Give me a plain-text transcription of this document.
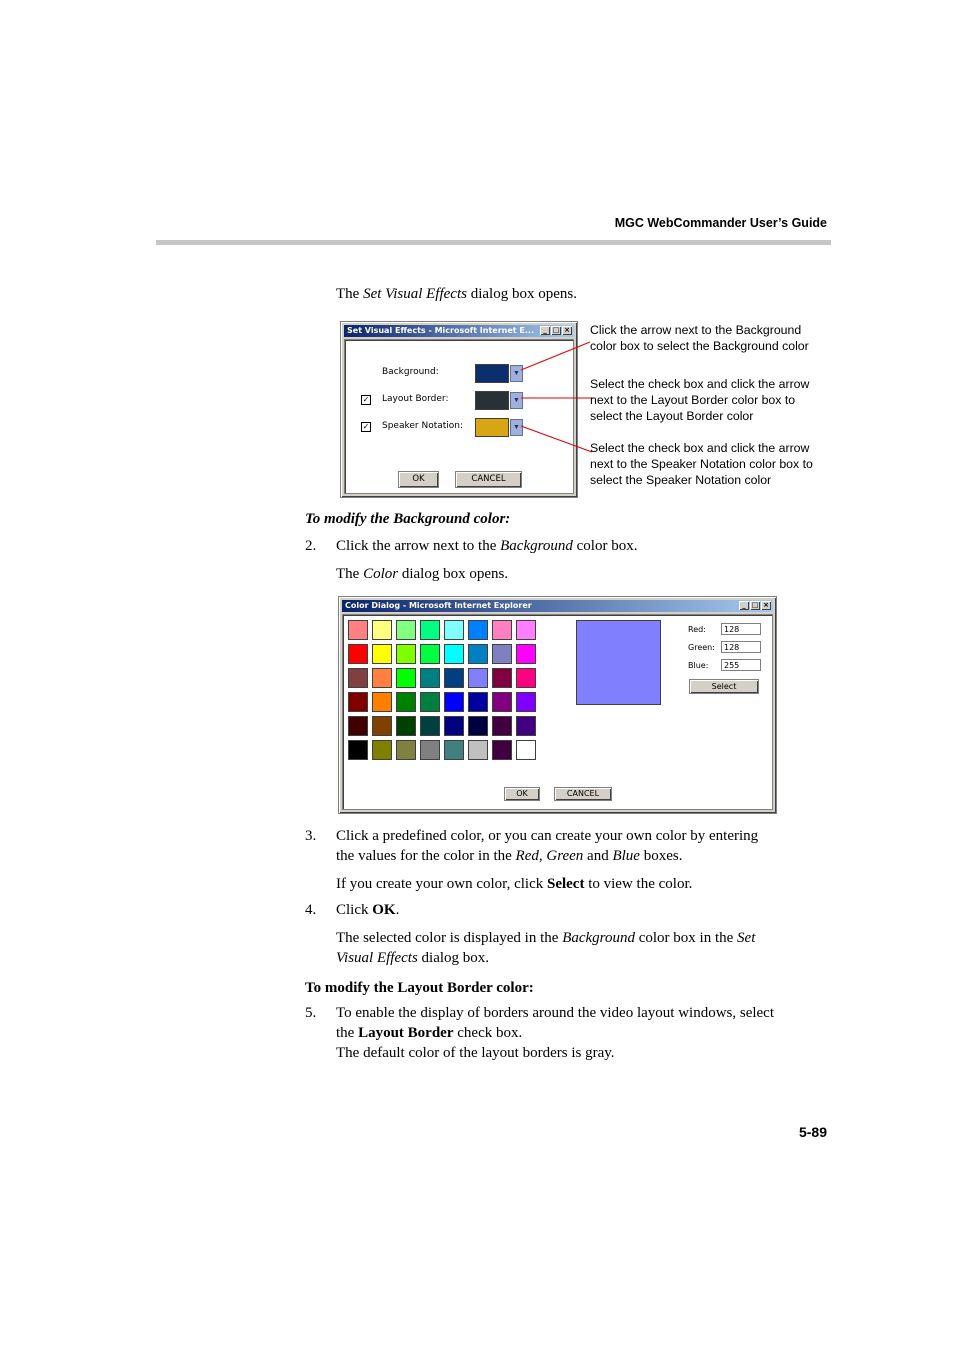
MGC WebCommander User’s Guide
The Set Visual Effects dialog box opens.
Set Visual Effects - Microsoft Internet E...	_ □ ×
Background:	▼
✓ Layout Border:	▼
✓ Speaker Notation:	▼
OK	CANCEL
Click the arrow next to the Background color box to select the Background color
Select the check box and click the arrow next to the Layout Border color box to select the Layout Border color
Select the check box and click the arrow next to the Speaker Notation color box to select the Speaker Notation color
To modify the Background color:
2. Click the arrow next to the Background color box.
The Color dialog box opens.
Color Dialog - Microsoft Internet Explorer	_ □ ×
Red:	128
Green:	128
Blue:	255
Select
OK	CANCEL
3. Click a predefined color, or you can create your own color by entering
the values for the color in the Red, Green and Blue boxes.
If you create your own color, click Select to view the color.
4. Click OK.
The selected color is displayed in the Background color box in the Set
Visual Effects dialog box.
To modify the Layout Border color:
5. To enable the display of borders around the video layout windows, select
the Layout Border check box.
The default color of the layout borders is gray.
5-89
